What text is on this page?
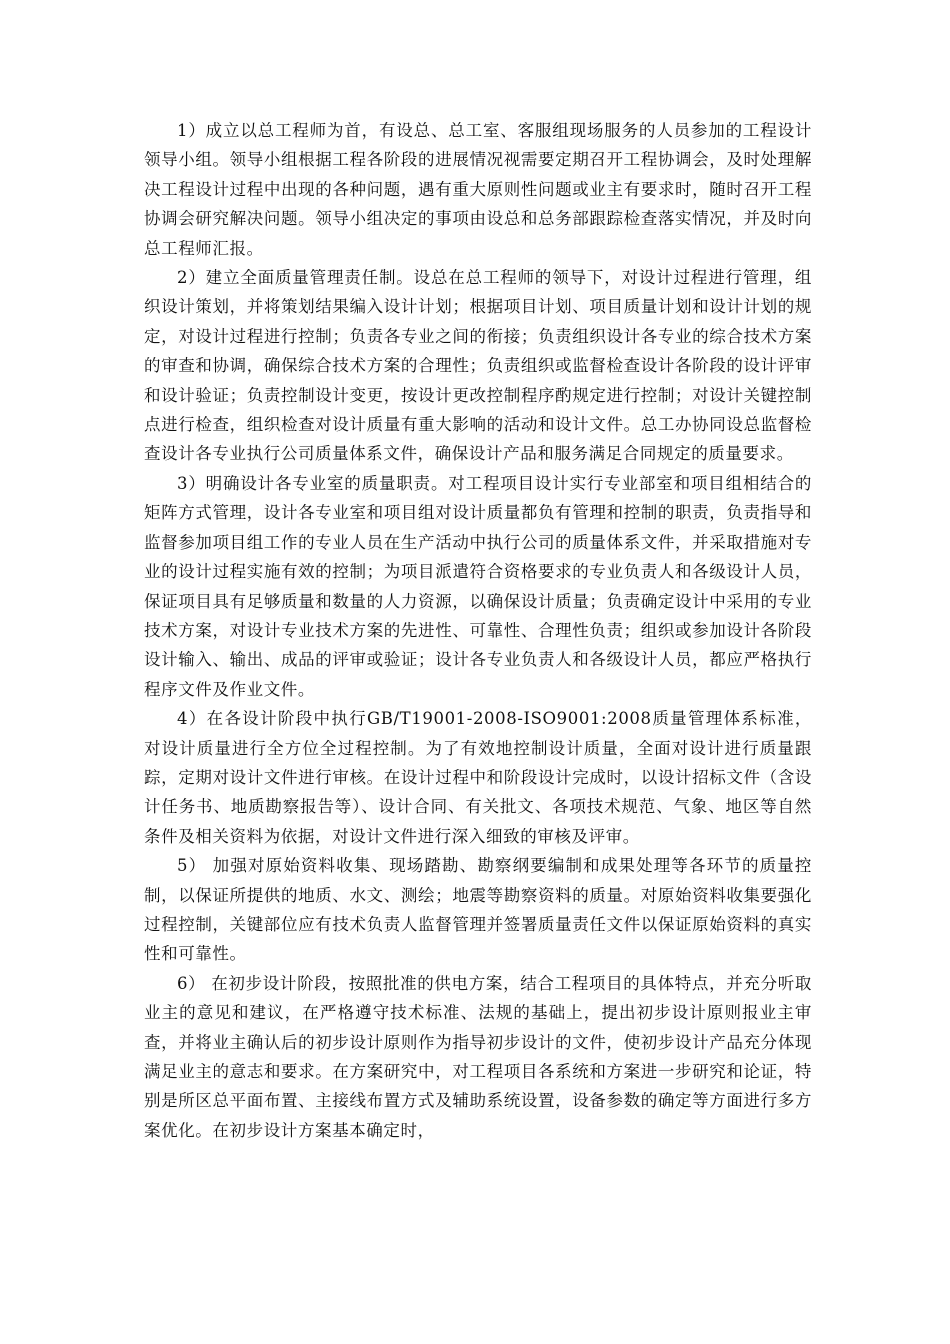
1）成立以总工程师为首，有设总、总工室、客服组现场服务的人员参加的工程设计领导小组。领导小组根据工程各阶段的进展情况视需要定期召开工程协调会，及时处理解决工程设计过程中出现的各种问题，遇有重大原则性问题或业主有要求时，随时召开工程协调会研究解决问题。领导小组决定的事项由设总和总务部跟踪检查落实情况，并及时向总工程师汇报。

2）建立全面质量管理责任制。设总在总工程师的领导下，对设计过程进行管理，组织设计策划，并将策划结果编入设计计划；根据项目计划、项目质量计划和设计计划的规定，对设计过程进行控制；负责各专业之间的衔接；负责组织设计各专业的综合技术方案的审查和协调，确保综合技术方案的合理性；负责组织或监督检查设计各阶段的设计评审和设计验证；负责控制设计变更，按设计更改控制程序酌规定进行控制；对设计关键控制点进行检查，组织检查对设计质量有重大影响的活动和设计文件。总工办协同设总监督检查设计各专业执行公司质量体系文件，确保设计产品和服务满足合同规定的质量要求。

3）明确设计各专业室的质量职责。对工程项目设计实行专业部室和项目组相结合的矩阵方式管理，设计各专业室和项目组对设计质量都负有管理和控制的职责，负责指导和监督参加项目组工作的专业人员在生产活动中执行公司的质量体系文件，并采取措施对专业的设计过程实施有效的控制；为项目派遣符合资格要求的专业负责人和各级设计人员，保证项目具有足够质量和数量的人力资源，以确保设计质量；负责确定设计中采用的专业技术方案，对设计专业技术方案的先进性、可靠性、合理性负责；组织或参加设计各阶段设计输入、输出、成品的评审或验证；设计各专业负责人和各级设计人员，都应严格执行程序文件及作业文件。

4）在各设计阶段中执行GB/T19001-2008-ISO9001:2008质量管理体系标准，对设计质量进行全方位全过程控制。为了有效地控制设计质量，全面对设计进行质量跟踪，定期对设计文件进行审核。在设计过程中和阶段设计完成时，以设计招标文件（含设计任务书、地质勘察报告等）、设计合同、有关批文、各项技术规范、气象、地区等自然条件及相关资料为依据，对设计文件进行深入细致的审核及评审。

5） 加强对原始资料收集、现场踏勘、勘察纲要编制和成果处理等各环节的质量控制，以保证所提供的地质、水文、测绘；地震等勘察资料的质量。对原始资料收集要强化过程控制，关键部位应有技术负责人监督管理并签署质量责任文件以保证原始资料的真实性和可靠性。

6） 在初步设计阶段，按照批准的供电方案，结合工程项目的具体特点，并充分听取业主的意见和建议，在严格遵守技术标准、法规的基础上，提出初步设计原则报业主审查，并将业主确认后的初步设计原则作为指导初步设计的文件，使初步设计产品充分体现满足业主的意志和要求。在方案研究中，对工程项目各系统和方案进一步研究和论证，特别是所区总平面布置、主接线布置方式及辅助系统设置，设备参数的确定等方面进行多方案优化。在初步设计方案基本确定时，
